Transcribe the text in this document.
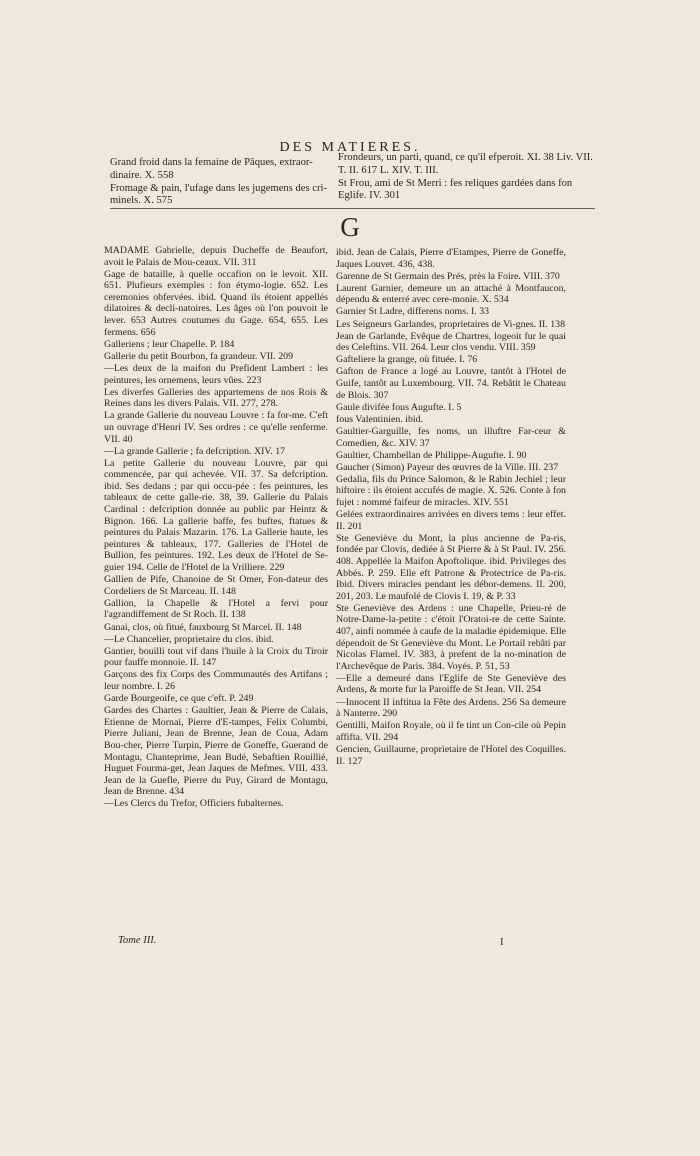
DES MATIERES.
Grand froid dans la femaine de Pâques, extraor-dinaire. X. 558
Fromage & pain, l'ufage dans les jugemens des cri-minels. X. 575
Frondeurs, un parti, quand, ce qu'il efperoit. XI. 38 Liv. VII. T. II. 617 L. XIV. T. III.
St Frou, ami de St Merri : fes reliques gardées dans fon Eglife. IV. 301
G
MADAME Gabrielle, depuis Ducheffe de Beaufort, avoit le Palais de Mou-ceaux. VII. 311
Gage de bataille, à quelle occafion on le levoit. XII. 651. Plufieurs exemples : fon étymo-logie. 652. Les ceremonies obfervées. ibid. Quand ils étoient appellés dilatoires & decli-natoires. Les âges où l'on pouvoit le lever. 653 Autres coutumes du Gage. 654, 655. Les fermens. 656
Galleriens ; leur Chapelle. P. 184
Gallerie du petit Bourbon, fa grandeur. VII. 209
—Les deux de la maifon du Prefident Lambert : les peintures, les ornemens, leurs vûes. 223
Les diverfes Galleries des appartemens de nos Rois & Reines dans les divers Palais. VII. 277, 278.
La grande Gallerie du nouveau Louvre : fa for-me. C'eft un ouvrage d'Henri IV. Ses ordres : ce qu'elle renferme. VII. 40
—La grande Gallerie ; fa defcription. XIV. 17
La petite Gallerie du nouveau Louvre, par qui commencée, par qui achevée. VII. 37. Sa defcription. ibid. Ses dedans ; par qui occu-pée : fes peintures, les tableaux de cette galle-rie. 38, 39. Gallerie du Palais Cardinal : defcription donnée au public par Heintz & Bignon. 166. La gallerie baffe, fes buftes, ftatues & peintures du Palais Mazarin. 176. La Gallerie haute, les peintures & tableaux, 177. Galleries de l'Hotel de Bullion, fes peintures. 192. Les deux de l'Hotel de Se-guier 194. Celle de l'Hotel de la Vrilliere. 229
Gallien de Pife, Chanoine de St Omer, Fon-dateur des Cordeliers de St Marceau. II. 148
Gallion, la Chapelle & l'Hotel a fervi pour l'agrandiffement de St Roch. II. 138
Ganai, clos, où fitué, fauxbourg St Marcel. II. 148
—Le Chancelier, proprietaire du clos. ibid.
Gantier, bouilli tout vif dans l'huile à la Croix du Tiroir pour fauffe monnoie. II. 147
Garçons des fix Corps des Communautés des Artifans ; leur nombre. I. 26
Garde Bourgeoife, ce que c'eft. P. 249
Gardes des Chartes : Gaultier, Jean & Pierre de Calais, Etienne de Mornai, Pierre d'E-tampes, Felix Columbi, Pierre Juliani, Jean de Brenne, Jean de Coua, Adam Bou-cher, Pierre Turpin, Pierre de Goneffe, Guerand de Montagu, Chanteprime, Jean Budé, Sebaftien Rouillié, Huguet Fourma-get, Jean Jaques de Mefmes. VIII. 433. Jean de la Guefle, Pierre du Puy, Girard de Montagu, Jean de Brenne. 434
—Les Clercs du Trefor, Officiers fubalternes.
ibid. Jean de Calais, Pierre d'Etampes, Pierre de Goneffe, Jaques Louvet. 436, 438.
Garenne de St Germain des Prés, près la Foire. VIII. 370
Laurent Garnier, demeure un an attaché à Montfaucon, dépendu & enterré avec cere-monie. X. 534
Garnier St Ladre, differens noms. I. 33
Les Seigneurs Garlandes, proprietaires de Vi-gnes. II. 138
Jean de Garlande, Evêque de Chartres, logeoit fur le quai des Celeftins. VII. 264. Leur clos vendu. VIII. 359
Gafteliere la grange, où fituée. I. 76
Gafton de France a logé au Louvre, tantôt à l'Hotel de Guife, tantôt au Luxembourg. VII. 74. Rebâtit le Chateau de Blois. 307
Gaule divifée fous Augufte. I. 5
fous Valentinien. ibid.
Gaultier-Garguille, fes noms, un illuftre Far-ceur & Comedien, &c. XIV. 37
Gaultier, Chambellan de Philippe-Augufte. I. 90
Gaucher (Simon) Payeur des œuvres de la Ville. III. 237
Gedalia, fils du Prince Salomon, & le Rabin Jechiel ; leur hiftoire : ils étoient accufés de magie. X. 526. Conte à fon fujet : nommé faifeur de miracles. XIV. 551
Gelées extraordinaires arrivées en divers tems : leur effet. II. 201
Ste Geneviève du Mont, la plus ancienne de Pa-ris, fondée par Clovis, dediée à St Pierre & à St Paul. IV. 256. 408. Appellée la Maifon Apoftolique. ibid. Privileges des Abbés. P. 259. Elle eft Patrone & Protectrice de Pa-ris. Ibid. Divers miracles pendant les débor-demens. II. 200, 201, 203. Le maufolé de Clovis I. 19, & P. 33
Ste Geneviève des Ardens : une Chapelle, Prieu-ré de Notre-Dame-la-petite : c'étoit l'Oratoi-re de cette Sainte. 407, ainfi nommée à caufe de la maladie épidemique. Elle dépendoit de St Geneviève du Mont. Le Portail rebâti par Nicolas Flamel. IV. 383, à prefent de la no-mination de l'Archevêque de Paris. 384. Voyés. P. 51, 53
—Elle a demeuré dans l'Eglife de Ste Geneviève des Ardens, & morte fur la Paroiffe de St Jean. VII. 254
—Innocent II inftitua la Fête des Ardens. 256 Sa demeure à Nanterre. 290
Gentilli, Maifon Royale, où il fe tint un Con-cile où Pepin affifta. VII. 294
Gencien, Guillaume, proprietaire de l'Hotel des Coquilles. II. 127
Tome III.	I
